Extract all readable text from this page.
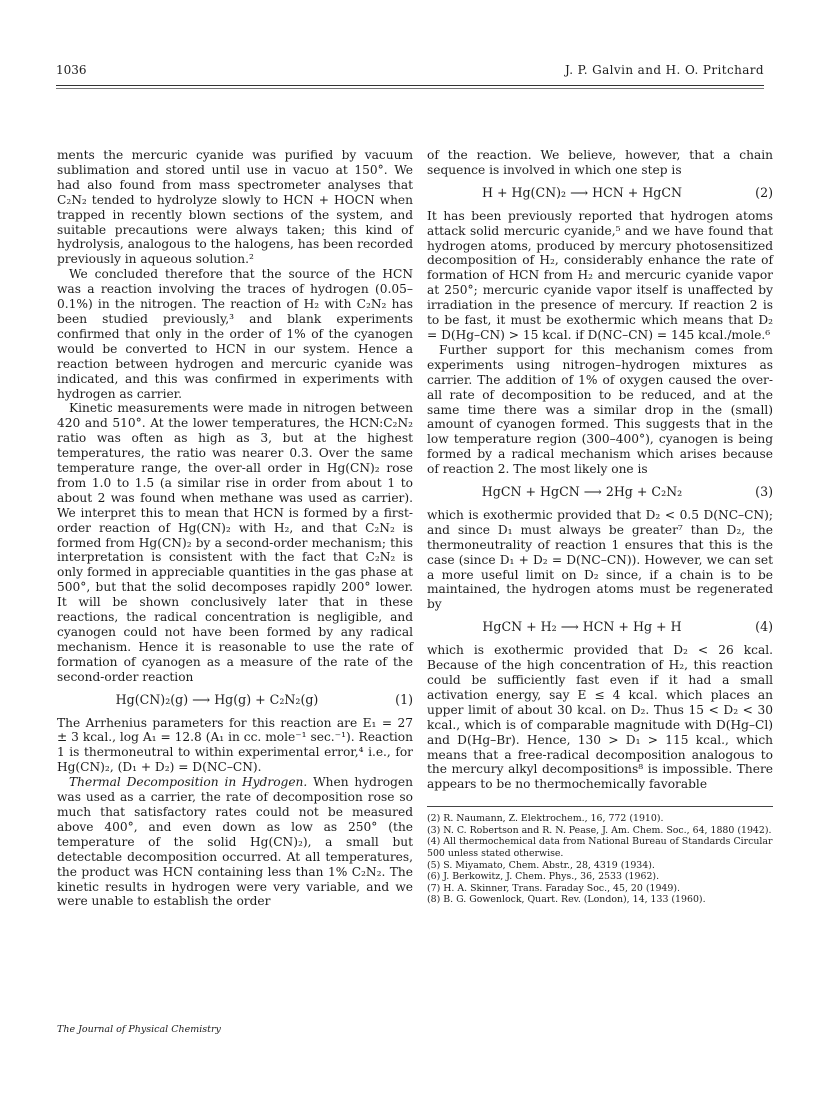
1036	J. P. Galvin and H. O. Pritchard

ments the mercuric cyanide was purified by vacuum sublimation and stored until use in vacuo at 150°. We had also found from mass spectrometer analyses that C₂N₂ tended to hydrolyze slowly to HCN + HOCN when trapped in recently blown sections of the system, and suitable precautions were always taken; this kind of hydrolysis, analogous to the halogens, has been recorded previously in aqueous solution.²

We concluded therefore that the source of the HCN was a reaction involving the traces of hydrogen (0.05–0.1%) in the nitrogen. The reaction of H₂ with C₂N₂ has been studied previously,³ and blank experiments confirmed that only in the order of 1% of the cyanogen would be converted to HCN in our system. Hence a reaction between hydrogen and mercuric cyanide was indicated, and this was confirmed in experiments with hydrogen as carrier.

Kinetic measurements were made in nitrogen between 420 and 510°. At the lower temperatures, the HCN:C₂N₂ ratio was often as high as 3, but at the highest temperatures, the ratio was nearer 0.3. Over the same temperature range, the over-all order in Hg(CN)₂ rose from 1.0 to 1.5 (a similar rise in order from about 1 to about 2 was found when methane was used as carrier). We interpret this to mean that HCN is formed by a first-order reaction of Hg(CN)₂ with H₂, and that C₂N₂ is formed from Hg(CN)₂ by a second-order mechanism; this interpretation is consistent with the fact that C₂N₂ is only formed in appreciable quantities in the gas phase at 500°, but that the solid decomposes rapidly 200° lower. It will be shown conclusively later that in these reactions, the radical concentration is negligible, and cyanogen could not have been formed by any radical mechanism. Hence it is reasonable to use the rate of formation of cyanogen as a measure of the rate of the second-order reaction

Hg(CN)₂(g) ⟶ Hg(g) + C₂N₂(g)	(1)

The Arrhenius parameters for this reaction are E₁ = 27 ± 3 kcal., log A₁ = 12.8 (A₁ in cc. mole⁻¹ sec.⁻¹). Reaction 1 is thermoneutral to within experimental error,⁴ i.e., for Hg(CN)₂, (D₁ + D₂) = D(NC–CN).

Thermal Decomposition in Hydrogen. When hydrogen was used as a carrier, the rate of decomposition rose so much that satisfactory rates could not be measured above 400°, and even down as low as 250° (the temperature of the solid Hg(CN)₂), a small but detectable decomposition occurred. At all temperatures, the product was HCN containing less than 1% C₂N₂. The kinetic results in hydrogen were very variable, and we were unable to establish the order

of the reaction. We believe, however, that a chain sequence is involved in which one step is

H + Hg(CN)₂ ⟶ HCN + HgCN	(2)

It has been previously reported that hydrogen atoms attack solid mercuric cyanide,⁵ and we have found that hydrogen atoms, produced by mercury photosensitized decomposition of H₂, considerably enhance the rate of formation of HCN from H₂ and mercuric cyanide vapor at 250°; mercuric cyanide vapor itself is unaffected by irradiation in the presence of mercury. If reaction 2 is to be fast, it must be exothermic which means that D₂ = D(Hg–CN) > 15 kcal. if D(NC–CN) = 145 kcal./mole.⁶

Further support for this mechanism comes from experiments using nitrogen–hydrogen mixtures as carrier. The addition of 1% of oxygen caused the over-all rate of decomposition to be reduced, and at the same time there was a similar drop in the (small) amount of cyanogen formed. This suggests that in the low temperature region (300–400°), cyanogen is being formed by a radical mechanism which arises because of reaction 2. The most likely one is

HgCN + HgCN ⟶ 2Hg + C₂N₂	(3)

which is exothermic provided that D₂ < 0.5 D(NC–CN); and since D₁ must always be greater⁷ than D₂, the thermoneutrality of reaction 1 ensures that this is the case (since D₁ + D₂ = D(NC–CN)). However, we can set a more useful limit on D₂ since, if a chain is to be maintained, the hydrogen atoms must be regenerated by

HgCN + H₂ ⟶ HCN + Hg + H	(4)

which is exothermic provided that D₂ < 26 kcal. Because of the high concentration of H₂, this reaction could be sufficiently fast even if it had a small activation energy, say E ≤ 4 kcal. which places an upper limit of about 30 kcal. on D₂. Thus 15 < D₂ < 30 kcal., which is of comparable magnitude with D(Hg–Cl) and D(Hg–Br). Hence, 130 > D₁ > 115 kcal., which means that a free-radical decomposition analogous to the mercury alkyl decompositions⁸ is impossible. There appears to be no thermochemically favorable

(2) R. Naumann, Z. Elektrochem., 16, 772 (1910).

(3) N. C. Robertson and R. N. Pease, J. Am. Chem. Soc., 64, 1880 (1942).

(4) All thermochemical data from National Bureau of Standards Circular 500 unless stated otherwise.

(5) S. Miyamato, Chem. Abstr., 28, 4319 (1934).

(6) J. Berkowitz, J. Chem. Phys., 36, 2533 (1962).

(7) H. A. Skinner, Trans. Faraday Soc., 45, 20 (1949).

(8) B. G. Gowenlock, Quart. Rev. (London), 14, 133 (1960).

The Journal of Physical Chemistry
